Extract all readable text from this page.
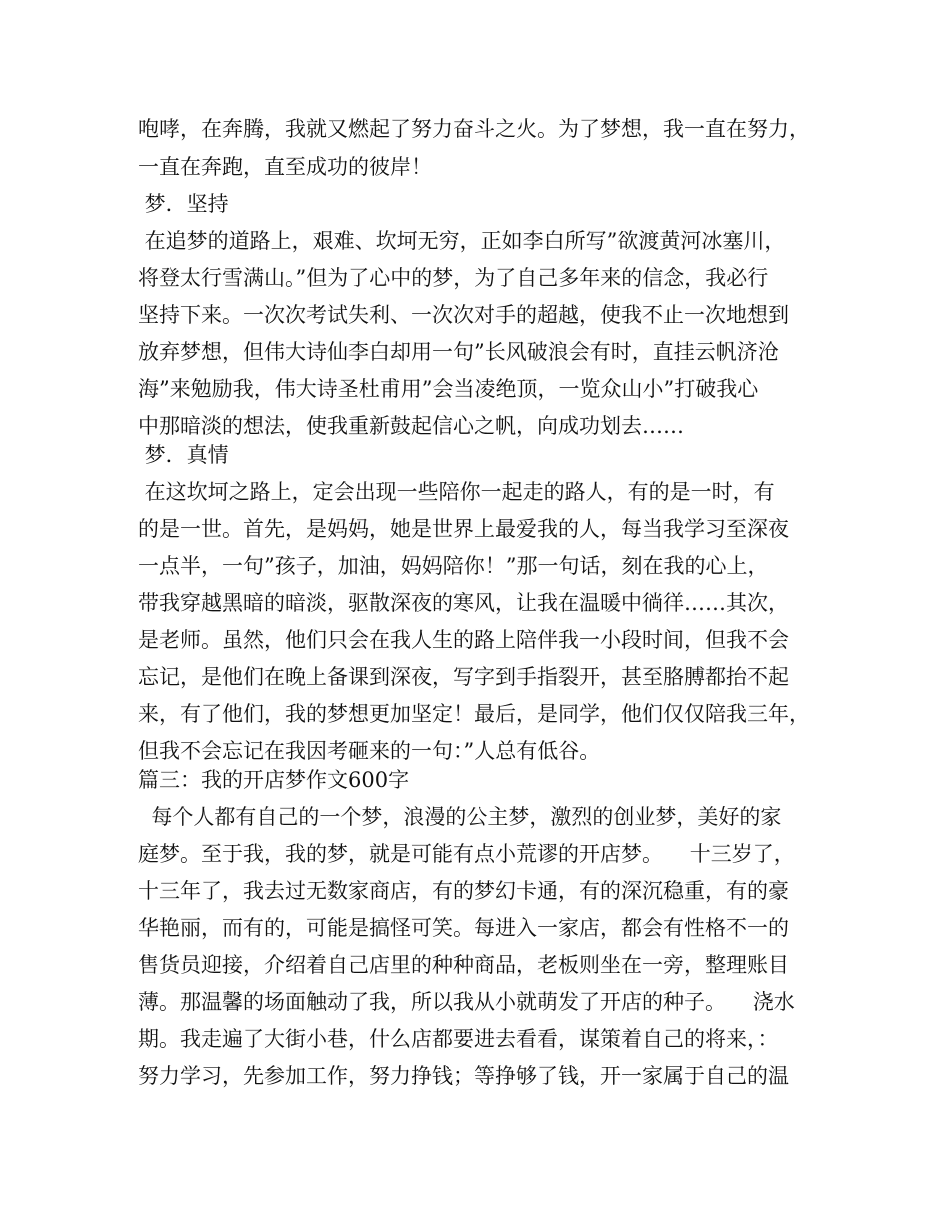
咆哮，在奔腾，我就又燃起了努力奋斗之火。为了梦想，我一直在努力，
一直在奔跑，直至成功的彼岸！
梦．坚持
在追梦的道路上，艰难、坎坷无穷，正如李白所写”欲渡黄河冰塞川，
将登太行雪满山。”但为了心中的梦，为了自己多年来的信念，我必行
坚持下来。一次次考试失利、一次次对手的超越，使我不止一次地想到
放弃梦想，但伟大诗仙李白却用一句”长风破浪会有时，直挂云帆济沧
海”来勉励我，伟大诗圣杜甫用”会当凌绝顶，一览众山小”打破我心
中那暗淡的想法，使我重新鼓起信心之帆，向成功划去……
梦．真情
在这坎坷之路上，定会出现一些陪你一起走的路人，有的是一时，有
的是一世。首先，是妈妈，她是世界上最爱我的人，每当我学习至深夜
一点半，一句”孩子，加油，妈妈陪你！”那一句话，刻在我的心上，
带我穿越黑暗的暗淡，驱散深夜的寒风，让我在温暖中徜徉……其次，
是老师。虽然，他们只会在我人生的路上陪伴我一小段时间，但我不会
忘记，是他们在晚上备课到深夜，写字到手指裂开，甚至胳膊都抬不起
来，有了他们，我的梦想更加坚定！最后，是同学，他们仅仅陪我三年，
但我不会忘记在我因考砸来的一句：”人总有低谷。
篇三：我的开店梦作文600字
每个人都有自己的一个梦，浪漫的公主梦，激烈的创业梦，美好的家
庭梦。至于我，我的梦，就是可能有点小荒谬的开店梦。    十三岁了，
十三年了，我去过无数家商店，有的梦幻卡通，有的深沉稳重，有的豪
华艳丽，而有的，可能是搞怪可笑。每进入一家店，都会有性格不一的
售货员迎接，介绍着自己店里的种种商品，老板则坐在一旁，整理账目
薄。那温馨的场面触动了我，所以我从小就萌发了开店的种子。    浇水
期。我走遍了大街小巷，什么店都要进去看看，谋策着自己的将来，：
努力学习，先参加工作，努力挣钱；等挣够了钱，开一家属于自己的温
